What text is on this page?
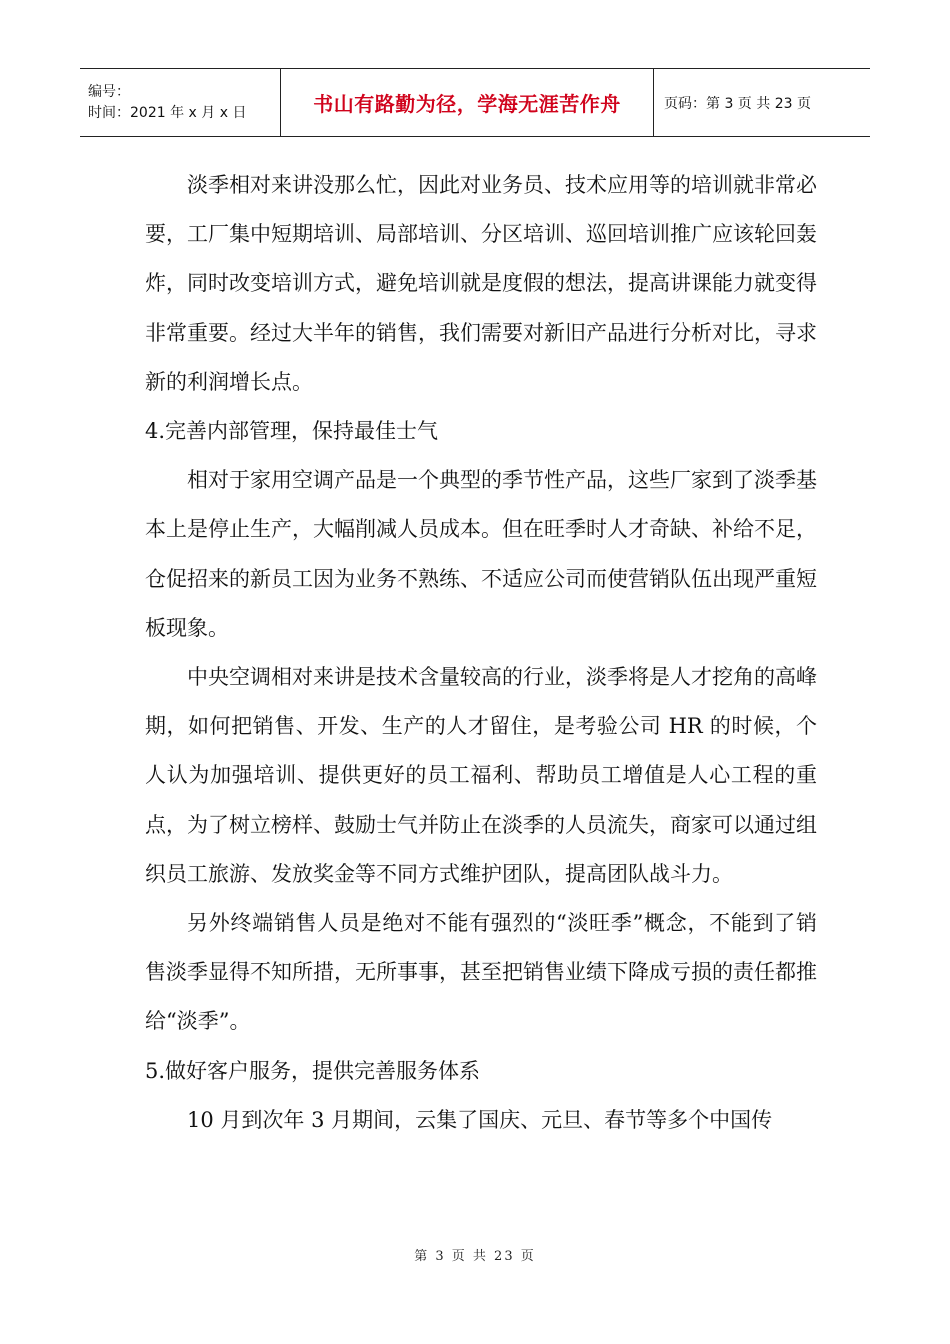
编号：
时间：2021 年 x 月 x 日	书山有路勤为径，学海无涯苦作舟	页码：第 3 页 共 23 页

淡季相对来讲没那么忙，因此对业务员、技术应用等的培训就非常必要，工厂集中短期培训、局部培训、分区培训、巡回培训推广应该轮回轰炸，同时改变培训方式，避免培训就是度假的想法，提高讲课能力就变得非常重要。经过大半年的销售，我们需要对新旧产品进行分析对比，寻求新的利润增长点。

4.完善内部管理，保持最佳士气

相对于家用空调产品是一个典型的季节性产品，这些厂家到了淡季基本上是停止生产，大幅削减人员成本。但在旺季时人才奇缺、补给不足，仓促招来的新员工因为业务不熟练、不适应公司而使营销队伍出现严重短板现象。

中央空调相对来讲是技术含量较高的行业，淡季将是人才挖角的高峰期，如何把销售、开发、生产的人才留住，是考验公司 HR 的时候，个人认为加强培训、提供更好的员工福利、帮助员工增值是人心工程的重点，为了树立榜样、鼓励士气并防止在淡季的人员流失，商家可以通过组织员工旅游、发放奖金等不同方式维护团队，提高团队战斗力。

另外终端销售人员是绝对不能有强烈的“淡旺季”概念，不能到了销售淡季显得不知所措，无所事事，甚至把销售业绩下降成亏损的责任都推给“淡季”。

5.做好客户服务，提供完善服务体系

10 月到次年 3 月期间，云集了国庆、元旦、春节等多个中国传

第 3 页 共 23 页
